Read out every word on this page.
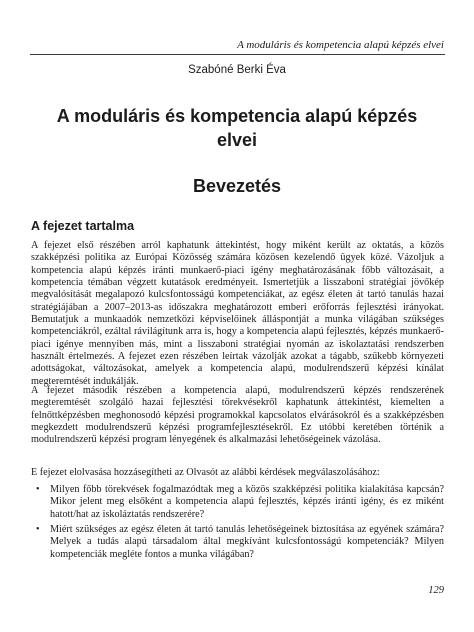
A moduláris és kompetencia alapú képzés elvei
Szabóné Berki Éva
A moduláris és kompetencia alapú képzés elvei
Bevezetés
A fejezet tartalma

A fejezet első részében arról kaphatunk áttekintést, hogy miként került az oktatás, a közös szakképzési politika az Európai Közösség számára közösen kezelendő ügyek közé. Vázoljuk a kompetencia alapú képzés iránti munkaerő-piaci igény meghatározásának főbb változásait, a kompetencia témában végzett kutatások eredményeit. Ismertetjük a lisszaboni stratégiai jövőkép megvalósítását megalapozó kulcsfontosságú kompetenciákat, az egész életen át tartó tanulás hazai stratégiájában a 2007–2013-as időszakra meghatározott emberi erőforrás fejlesztési irányokat. Bemutatjuk a munkaadók nemzetközi képviselőinek álláspontját a munka világában szükséges kompetenciákról, ezáltal rávilágítunk arra is, hogy a kompetencia alapú fejlesztés, képzés munkaerő-piaci igénye mennyiben más, mint a lisszaboni stratégiai nyomán az iskolaztatási rendszerben használt értelmezés. A fejezet ezen részében leírtak vázolják azokat a tágabb, szűkebb környezeti adottságokat, változásokat, amelyek a kompetencia alapú, modulrendszerű képzési kínálat megteremtését indukálják.

A fejezet második részében a kompetencia alapú, modulrendszerű képzés rendszerének megteremtését szolgáló hazai fejlesztési törekvésekről kaphatunk áttekintést, kiemelten a felnőttképzésben meghonosodó képzési programokkal kapcsolatos elvárásokról és a szakképzésben megkezdett modulrendszerű képzési programfejlesztésekről. Ez utóbbi keretében történik a modulrendszerű képzési program lényegének és alkalmazási lehetőségeinek vázolása.

E fejezet elolvasása hozzásegítheti az Olvasót az alábbi kérdések megválaszolásához:

• Milyen főbb törekvések fogalmazódtak meg a közös szakképzési politika kialakítása kapcsán? Mikor jelent meg elsőként a kompetencia alapú fejlesztés, képzés iránti igény, és ez miként hatott/hat az iskoláztatás rendszerére?
• Miért szükséges az egész életen át tartó tanulás lehetőségeinek biztosítása az egyének számára? Melyek a tudás alapú társadalom által megkívánt kulcsfontosságú kompetenciák? Milyen kompetenciák megléte fontos a munka világában?
129
